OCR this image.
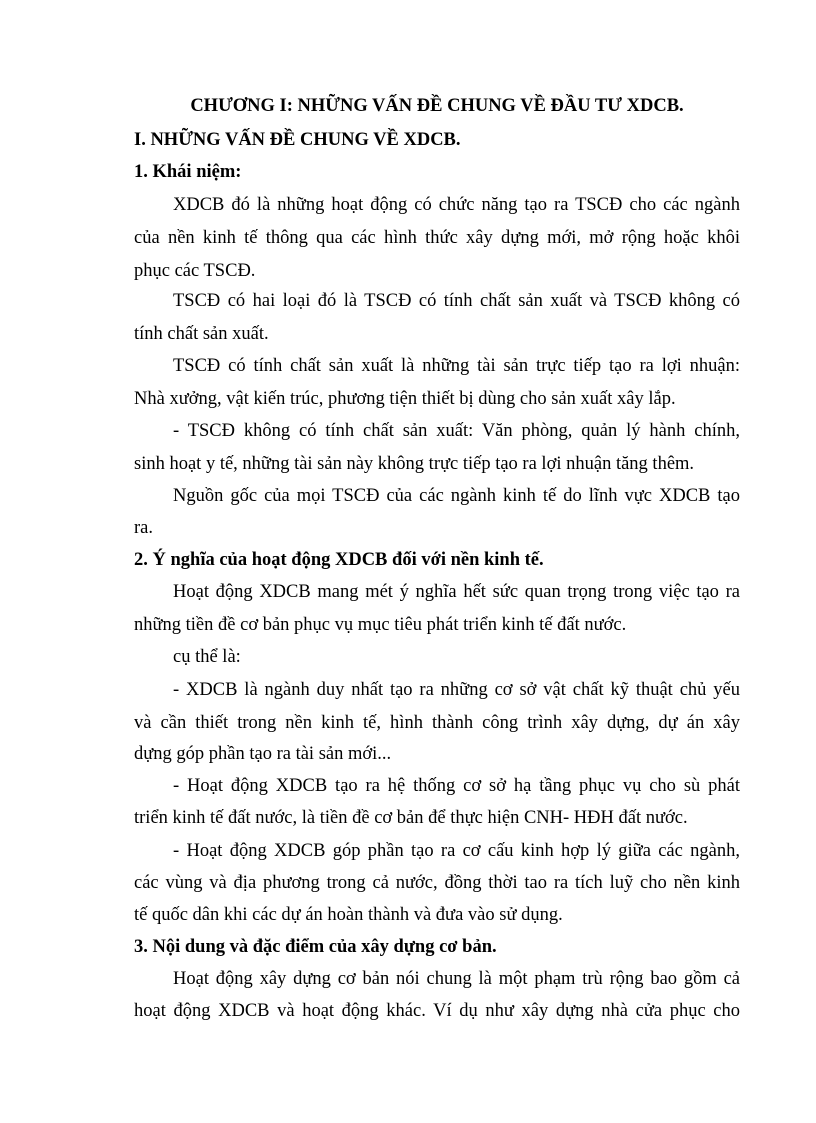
CHƯƠNG I: NHỮNG VẤN ĐỀ CHUNG VỀ ĐẦU TƯ XDCB.
I. NHỮNG VẤN ĐỀ CHUNG VỀ XDCB.
1. Khái niệm:
XDCB đó là những hoạt động có chức năng tạo ra TSCĐ cho các ngành
của nền kinh tế thông qua các hình thức xây dựng mới, mở rộng hoặc khôi
phục các TSCĐ.
TSCĐ có hai loại đó là TSCĐ có tính chất sản xuất và TSCĐ không có
tính chất sản xuất.
TSCĐ có tính chất sản xuất là những tài sản trực tiếp tạo ra lợi nhuận:
Nhà xưởng, vật kiến trúc, phương tiện thiết bị dùng cho sản xuất xây lắp.
- TSCĐ không có tính chất sản xuất: Văn phòng, quản lý hành chính,
sinh hoạt y tế, những tài sản này không trực tiếp tạo ra lợi nhuận tăng thêm.
Nguồn gốc của mọi TSCĐ của các ngành kinh tế do lĩnh vực XDCB tạo
ra.
2. Ý nghĩa của hoạt động XDCB đối với nền kinh tế.
Hoạt động XDCB mang mét ý nghĩa hết sức quan trọng trong việc tạo ra
những tiền đề cơ bản phục vụ mục tiêu phát triển kinh tế đất nước.
cụ thể là:
- XDCB là ngành duy nhất tạo ra những cơ sở vật chất kỹ thuật chủ yếu
và cần thiết trong nền kinh tế, hình thành công trình xây dựng, dự án xây
dựng góp phần tạo ra tài sản mới...
- Hoạt động XDCB tạo ra hệ thống cơ sở hạ tầng phục vụ cho sù phát
triển kinh tế đất nước, là tiền đề cơ bản để thực hiện CNH- HĐH đất nước.
- Hoạt động XDCB góp phần tạo ra cơ cấu kinh hợp lý giữa các ngành,
các vùng và địa phương trong cả nước, đồng thời tao ra tích luỹ cho nền kinh
tế quốc dân khi các dự án hoàn thành và đưa vào sử dụng.
3. Nội dung và đặc điểm của xây dựng cơ bản.
Hoạt động xây dựng cơ bản nói chung là một phạm trù rộng bao gồm cả
hoạt động XDCB và hoạt động khác. Ví dụ như xây dựng nhà cửa phục cho
